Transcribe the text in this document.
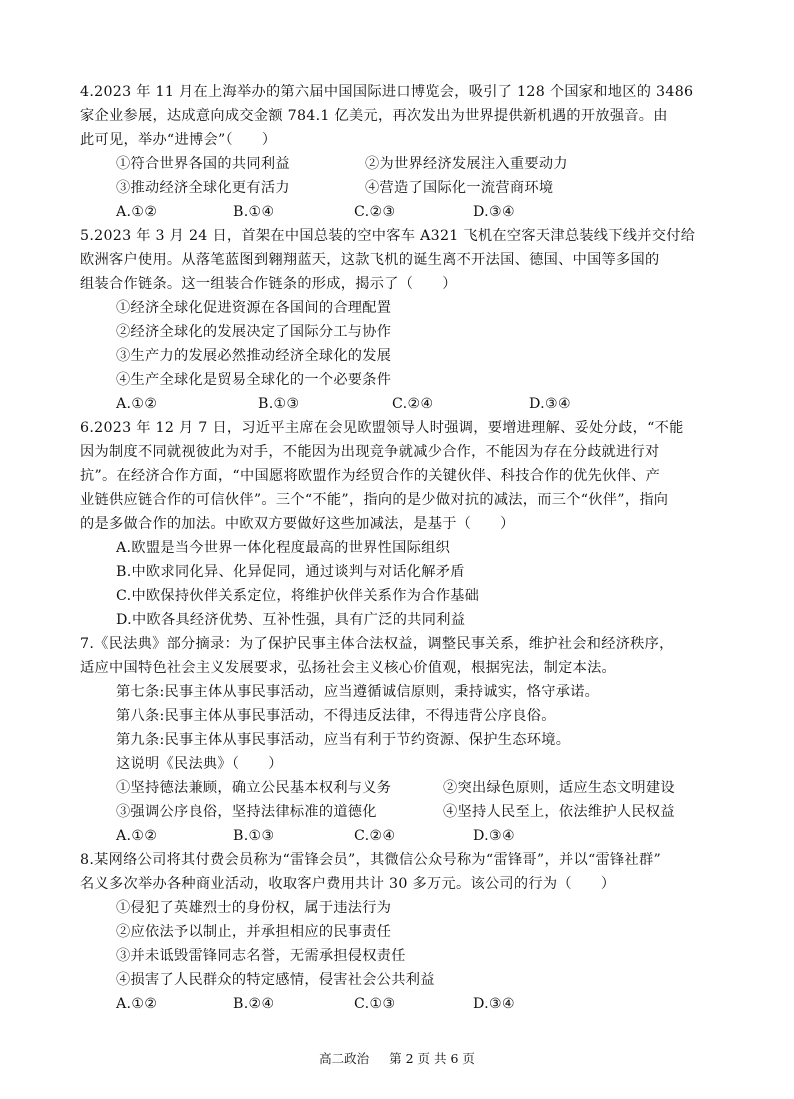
4.2023 年 11 月在上海举办的第六届中国国际进口博览会，吸引了 128 个国家和地区的 3486
家企业参展，达成意向成交金额 784.1 亿美元，再次发出为世界提供新机遇的开放强音。由
此可见，举办“进博会”（　　）
①符合世界各国的共同利益	②为世界经济发展注入重要动力
③推动经济全球化更有活力	④营造了国际化一流营商环境
A.①②	B.①④	C.②③	D.③④
5.2023 年 3 月 24 日，首架在中国总装的空中客车 A321 飞机在空客天津总装线下线并交付给
欧洲客户使用。从落笔蓝图到翱翔蓝天，这款飞机的诞生离不开法国、德国、中国等多国的
组装合作链条。这一组装合作链条的形成，揭示了（　　）
①经济全球化促进资源在各国间的合理配置
②经济全球化的发展决定了国际分工与协作
③生产力的发展必然推动经济全球化的发展
④生产全球化是贸易全球化的一个必要条件
A.①②	B.①③	C.②④	D.③④
6.2023 年 12 月 7 日，习近平主席在会见欧盟领导人时强调，要增进理解、妥处分歧，“不能
因为制度不同就视彼此为对手，不能因为出现竞争就减少合作，不能因为存在分歧就进行对
抗”。在经济合作方面，“中国愿将欧盟作为经贸合作的关键伙伴、科技合作的优先伙伴、产
业链供应链合作的可信伙伴”。三个“不能”，指向的是少做对抗的减法，而三个“伙伴”，指向
的是多做合作的加法。中欧双方要做好这些加减法，是基于（　　）
A.欧盟是当今世界一体化程度最高的世界性国际组织
B.中欧求同化异、化异促同，通过谈判与对话化解矛盾
C.中欧保持伙伴关系定位，将维护伙伴关系作为合作基础
D.中欧各具经济优势、互补性强，具有广泛的共同利益
7.《民法典》部分摘录：为了保护民事主体合法权益，调整民事关系，维护社会和经济秩序，
适应中国特色社会主义发展要求，弘扬社会主义核心价值观，根据宪法，制定本法。
第七条:民事主体从事民事活动，应当遵循诚信原则，秉持诚实，恪守承诺。
第八条:民事主体从事民事活动，不得违反法律，不得违背公序良俗。
第九条:民事主体从事民事活动，应当有利于节约资源、保护生态环境。
这说明《民法典》（　　）
①坚持德法兼顾，确立公民基本权利与义务	②突出绿色原则，适应生态文明建设
③强调公序良俗，坚持法律标准的道德化	④坚持人民至上，依法维护人民权益
A.①②	B.①③	C.②④	D.③④
8.某网络公司将其付费会员称为“雷锋会员”，其微信公众号称为“雷锋哥”，并以“雷锋社群”
名义多次举办各种商业活动，收取客户费用共计 30 多万元。该公司的行为（　　）
①侵犯了英雄烈士的身份权，属于违法行为
②应依法予以制止，并承担相应的民事责任
③并未诋毁雷锋同志名誉，无需承担侵权责任
④损害了人民群众的特定感情，侵害社会公共利益
A.①②	B.②④	C.①③	D.③④
高二政治 第 2 页 共 6 页
